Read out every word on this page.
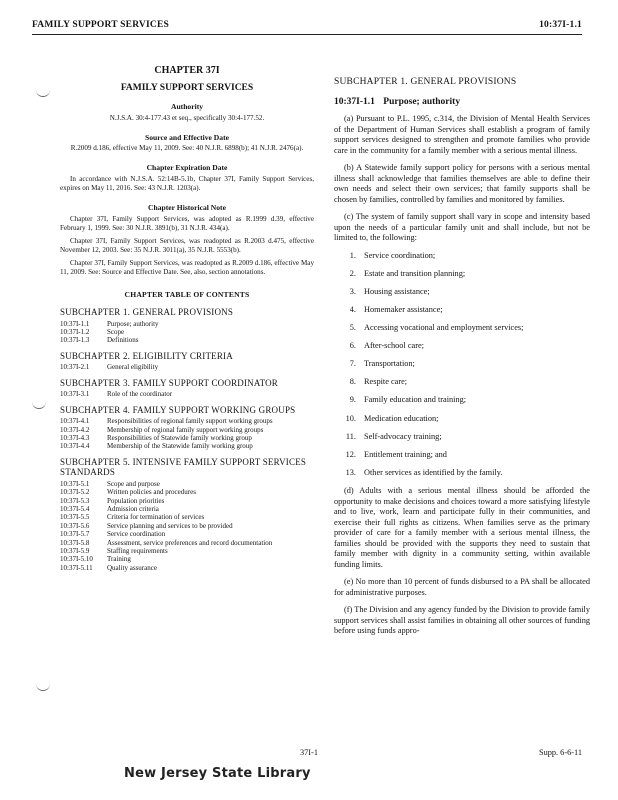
FAMILY SUPPORT SERVICES	10:37I-1.1
CHAPTER 37I
FAMILY SUPPORT SERVICES
Authority
N.J.S.A. 30:4-177.43 et seq., specifically 30:4-177.52.
Source and Effective Date
R.2009 d.186, effective May 11, 2009. See: 40 N.J.R. 6898(b); 41 N.J.R. 2476(a).
Chapter Expiration Date
In accordance with N.J.S.A. 52:14B-5.1b, Chapter 37I, Family Support Services, expires on May 11, 2016. See: 43 N.J.R. 1203(a).
Chapter Historical Note
Chapter 37I, Family Support Services, was adopted as R.1999 d.39, effective February 1, 1999. See: 30 N.J.R. 3891(b), 31 N.J.R. 434(a).
Chapter 37I, Family Support Services, was readopted as R.2003 d.475, effective November 12, 2003. See: 35 N.J.R. 3011(a), 35 N.J.R. 5553(b).
Chapter 37I, Family Support Services, was readopted as R.2009 d.186, effective May 11, 2009. See: Source and Effective Date. See, also, section annotations.
CHAPTER TABLE OF CONTENTS
SUBCHAPTER 1. GENERAL PROVISIONS
10:37I-1.1	Purpose; authority
10:37I-1.2	Scope
10:37I-1.3	Definitions
SUBCHAPTER 2. ELIGIBILITY CRITERIA
10:37I-2.1	General eligibility
SUBCHAPTER 3. FAMILY SUPPORT COORDINATOR
10:37I-3.1	Role of the coordinator
SUBCHAPTER 4. FAMILY SUPPORT WORKING GROUPS
10:37I-4.1	Responsibilities of regional family support working groups
10:37I-4.2	Membership of regional family support working groups
10:37I-4.3	Responsibilities of Statewide family working group
10:37I-4.4	Membership of the Statewide family working group
SUBCHAPTER 5. INTENSIVE FAMILY SUPPORT SERVICES STANDARDS
10:37I-5.1	Scope and purpose
10:37I-5.2	Written policies and procedures
10:37I-5.3	Population priorities
10:37I-5.4	Admission criteria
10:37I-5.5	Criteria for termination of services
10:37I-5.6	Service planning and services to be provided
10:37I-5.7	Service coordination
10:37I-5.8	Assessment, service preferences and record documentation
10:37I-5.9	Staffing requirements
10:37I-5.10	Training
10:37I-5.11	Quality assurance
SUBCHAPTER 1. GENERAL PROVISIONS
10:37I-1.1 Purpose; authority

(a) Pursuant to P.L. 1995, c.314, the Division of Mental Health Services of the Department of Human Services shall establish a program of family support services designed to strengthen and promote families who provide care in the community for a family member with a serious mental illness.

(b) A Statewide family support policy for persons with a serious mental illness shall acknowledge that families themselves are able to define their own needs and select their own services; that family supports shall be chosen by families, controlled by families and monitored by families.

(c) The system of family support shall vary in scope and intensity based upon the needs of a particular family unit and shall include, but not be limited to, the following:

1. Service coordination;
2. Estate and transition planning;
3. Housing assistance;
4. Homemaker assistance;
5. Accessing vocational and employment services;
6. After-school care;
7. Transportation;
8. Respite care;
9. Family education and training;
10. Medication education;
11. Self-advocacy training;
12. Entitlement training; and
13. Other services as identified by the family.

(d) Adults with a serious mental illness should be afforded the opportunity to make decisions and choices toward a more satisfying lifestyle and to live, work, learn and participate fully in their communities, and exercise their full rights as citizens. When families serve as the primary provider of care for a family member with a serious mental illness, the families should be provided with the supports they need to sustain that family member with dignity in a community setting, within available funding limits.

(e) No more than 10 percent of funds disbursed to a PA shall be allocated for administrative purposes.

(f) The Division and any agency funded by the Division to provide family support services shall assist families in obtaining all other sources of funding before using funds appro-

37I-1	Supp. 6-6-11
New Jersey State Library
